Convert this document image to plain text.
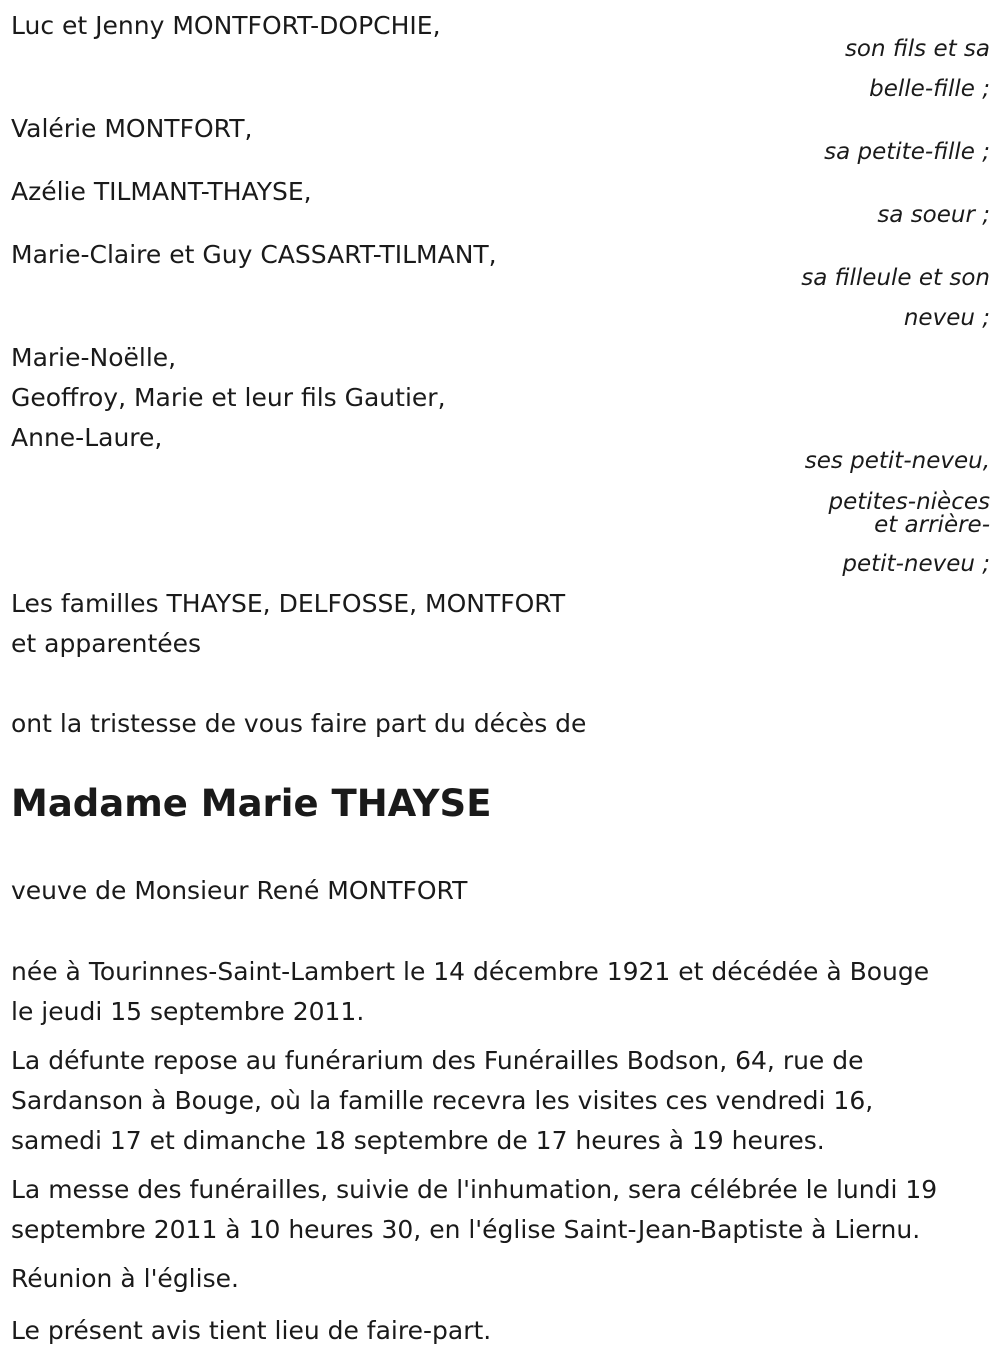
Luc et Jenny MONTFORT-DOPCHIE,
son fils et sa
belle-fille ;
Valérie MONTFORT,
sa petite-fille ;
Azélie TILMANT-THAYSE,
sa soeur ;
Marie-Claire et Guy CASSART-TILMANT,
sa filleule et son
neveu ;
Marie-Noëlle,
Geoffroy, Marie et leur fils Gautier,
Anne-Laure,
ses petit-neveu,
petites-nièces
et arrière-
petit-neveu ;
Les familles THAYSE, DELFOSSE, MONTFORT
et apparentées
ont la tristesse de vous faire part du décès de
Madame Marie THAYSE
veuve de Monsieur René MONTFORT
née à Tourinnes-Saint-Lambert le 14 décembre 1921 et décédée à Bouge
le jeudi 15 septembre 2011.
La défunte repose au funérarium des Funérailles Bodson, 64, rue de
Sardanson à Bouge, où la famille recevra les visites ces vendredi 16,
samedi 17 et dimanche 18 septembre de 17 heures à 19 heures.
La messe des funérailles, suivie de l'inhumation, sera célébrée le lundi 19
septembre 2011 à 10 heures 30, en l'église Saint-Jean-Baptiste à Liernu.
Réunion à l'église.
Le présent avis tient lieu de faire-part.
